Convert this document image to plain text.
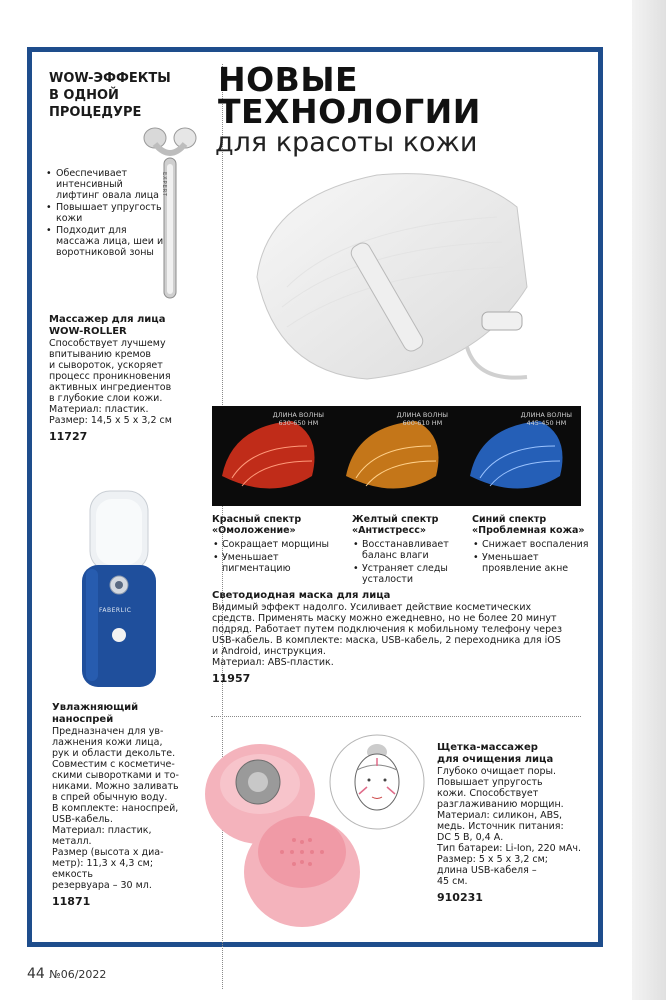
WOW-ЭФФЕКТЫ
В ОДНОЙ
ПРОЦЕДУРЕ
• Обеспечивает интенсивный лифтинг овала лица
• Повышает упругость кожи
• Подходит для массажа лица, шеи и воротниковой зоны
EXPERT
Массажер для лица
WOW-ROLLER
Способствует лучшему
впитыванию кремов
и сывороток, ускоряет
процесс проникновения
активных ингредиентов
в глубокие слои кожи.
Материал: пластик.
Размер: 14,5 x 5 x 3,2 см
11727
FABERLIC
Увлажняющий
наноспрей
Предназначен для ув-
лажнения кожи лица,
рук и области декольте.
Совместим с косметиче-
скими сыворотками и то-
никами. Можно заливать
в спрей обычную воду.
В комплекте: наноспрей,
USB-кабель.
Материал: пластик,
металл.
Размер (высота х диа-
метр): 11,3 х 4,3 см;
емкость
резервуара – 30 мл.
11871
НОВЫЕ
ТЕХНОЛОГИИ
для красоты кожи
ДЛИНА ВОЛНЫ
630-650 НМ
ДЛИНА ВОЛНЫ
600-610 НМ
ДЛИНА ВОЛНЫ
445-450 НМ
Красный спектр
«Омоложение»
• Сокращает морщины
• Уменьшает пигментацию
Желтый спектр
«Антистресс»
• Восстанавливает баланс влаги
• Устраняет следы усталости
Синий спектр
«Проблемная кожа»
• Снижает воспаления
• Уменьшает проявление акне
Светодиодная маска для лица
Видимый эффект надолго. Усиливает действие косметических
средств. Применять маску можно ежедневно, но не более 20 минут
подряд. Работает путем подключения к мобильному телефону через
USB-кабель. В комплекте: маска, USB-кабель, 2 переходника для iOS
и Android, инструкция.
Материал: ABS-пластик.
11957
Щетка-массажер
для очищения лица
Глубоко очищает поры.
Повышает упругость
кожи. Способствует
разглаживанию морщин.
Материал: силикон, ABS,
медь. Источник питания:
DC 5 В, 0,4 А.
Тип батареи: Li-Ion, 220 мАч.
Размер: 5 x 5 x 3,2 см;
длина USB-кабеля –
45 см.
910231
44 №06/2022
